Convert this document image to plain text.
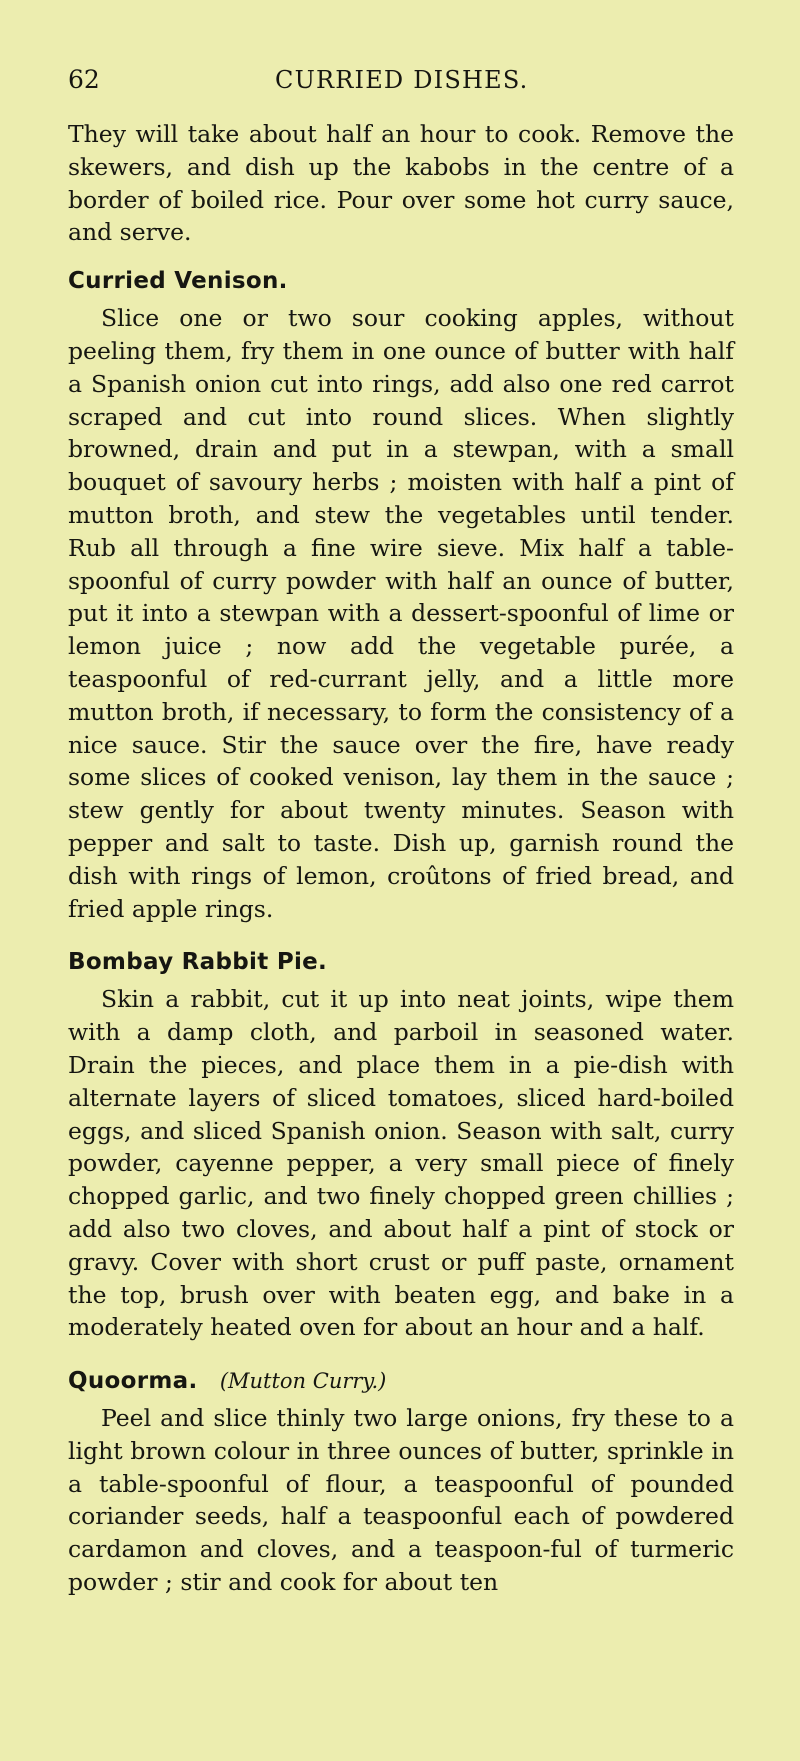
62	CURRIED DISHES.

They will take about half an hour to cook. Remove the skewers, and dish up the kabobs in the centre of a border of boiled rice. Pour over some hot curry sauce, and serve.

Curried Venison.

Slice one or two sour cooking apples, without peeling them, fry them in one ounce of butter with half a Spanish onion cut into rings, add also one red carrot scraped and cut into round slices. When slightly browned, drain and put in a stewpan, with a small bouquet of savoury herbs ; moisten with half a pint of mutton broth, and stew the vegetables until tender. Rub all through a fine wire sieve. Mix half a table-spoonful of curry powder with half an ounce of butter, put it into a stewpan with a dessert-spoonful of lime or lemon juice ; now add the vegetable purée, a teaspoonful of red-currant jelly, and a little more mutton broth, if necessary, to form the consistency of a nice sauce. Stir the sauce over the fire, have ready some slices of cooked venison, lay them in the sauce ; stew gently for about twenty minutes. Season with pepper and salt to taste. Dish up, garnish round the dish with rings of lemon, croûtons of fried bread, and fried apple rings.

Bombay Rabbit Pie.

Skin a rabbit, cut it up into neat joints, wipe them with a damp cloth, and parboil in seasoned water. Drain the pieces, and place them in a pie-dish with alternate layers of sliced tomatoes, sliced hard-boiled eggs, and sliced Spanish onion. Season with salt, curry powder, cayenne pepper, a very small piece of finely chopped garlic, and two finely chopped green chillies ; add also two cloves, and about half a pint of stock or gravy. Cover with short crust or puff paste, ornament the top, brush over with beaten egg, and bake in a moderately heated oven for about an hour and a half.

Quoorma. (Mutton Curry.)

Peel and slice thinly two large onions, fry these to a light brown colour in three ounces of butter, sprinkle in a table-spoonful of flour, a teaspoonful of pounded coriander seeds, half a teaspoonful each of powdered cardamon and cloves, and a teaspoon-ful of turmeric powder ; stir and cook for about ten
